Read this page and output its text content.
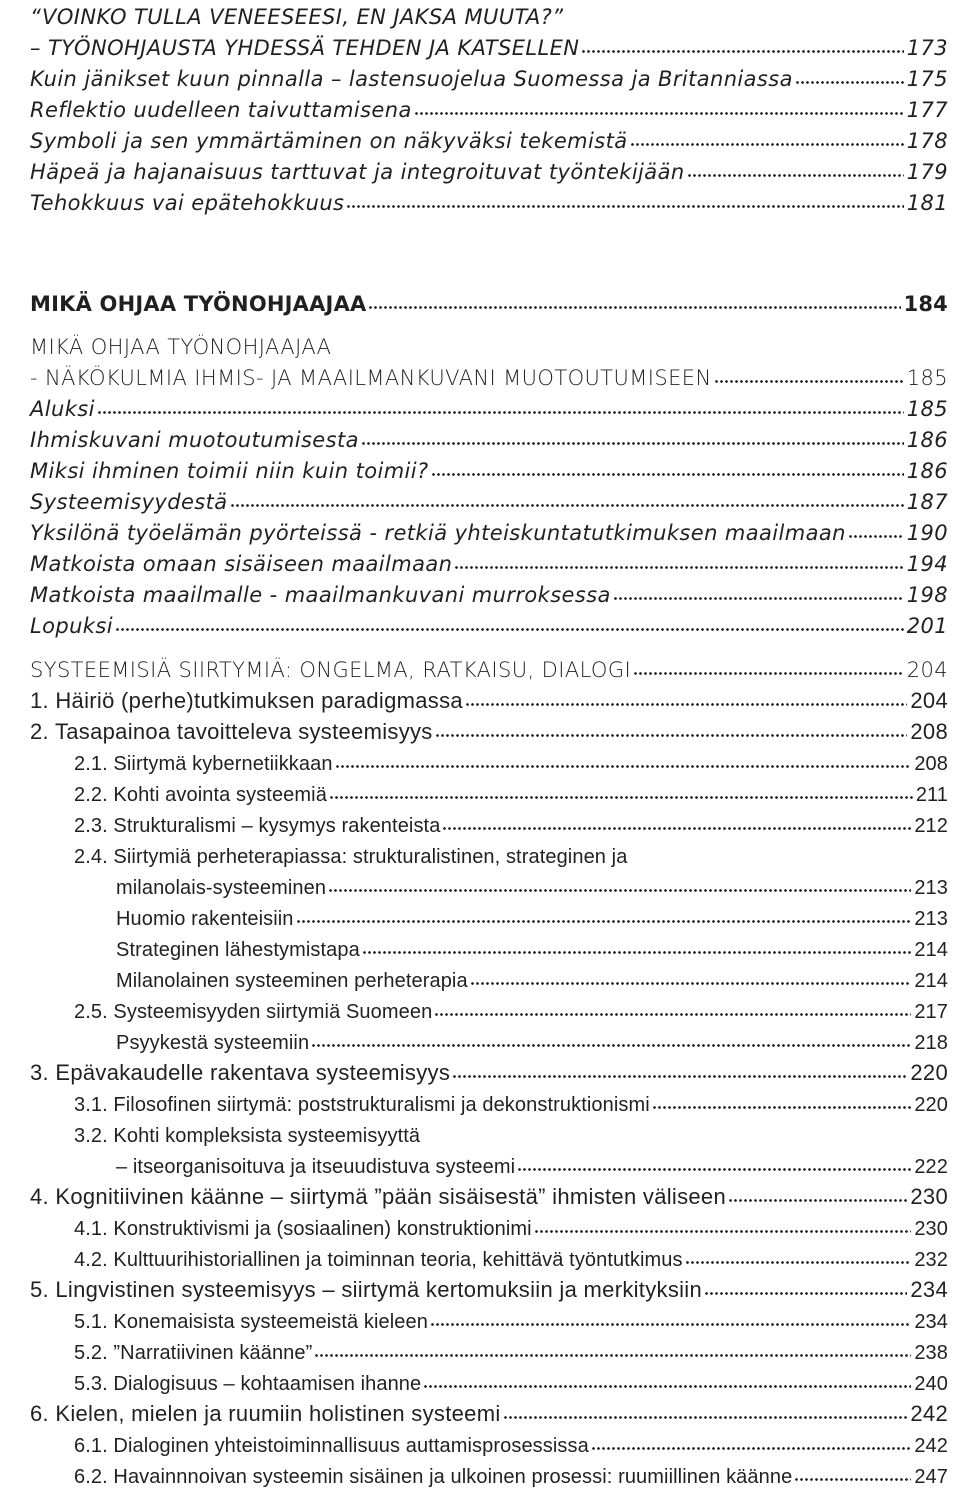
“VOINKO TULLA VENEESEESI, EN JAKSA MUUTA?”
– TYÖNOHJAUSTA YHDESSÄ TEHDEN JA KATSELLEN	173
Kuin jänikset kuun pinnalla – lastensuojelua Suomessa ja Britanniassa	175
Reflektio uudelleen taivuttamisena	177
Symboli ja sen ymmärtäminen on näkyväksi tekemistä	178
Häpeä ja hajanaisuus tarttuvat ja integroituvat työntekijään	179
Tehokkuus vai epätehokkuus	181
MIKÄ OHJAA TYÖNOHJAAJAA	184
MIKÄ OHJAA TYÖNOHJAAJAA
- NÄKÖKULMIA IHMIS- JA MAAILMANKUVANI MUOTOUTUMISEEN	185
Aluksi	185
Ihmiskuvani muotoutumisesta	186
Miksi ihminen toimii niin kuin toimii?	186
Systeemisyydestä	187
Yksilönä työelämän pyörteissä - retkiä yhteiskuntatutkimuksen maailmaan	190
Matkoista omaan sisäiseen maailmaan	194
Matkoista maailmalle - maailmankuvani murroksessa	198
Lopuksi	201
SYSTEEMISIÄ SIIRTYMIÄ: ONGELMA, RATKAISU, DIALOGI	204
1. Häiriö (perhe)tutkimuksen paradigmassa	204
2. Tasapainoa tavoitteleva systeemisyys	208
2.1. Siirtymä kybernetiikkaan	208
2.2. Kohti avointa systeemiä	211
2.3. Strukturalismi – kysymys rakenteista	212
2.4. Siirtymiä perheterapiassa: strukturalistinen, strateginen ja
milanolais-systeeminen	213
Huomio rakenteisiin	213
Strateginen lähestymistapa	214
Milanolainen systeeminen perheterapia	214
2.5. Systeemisyyden siirtymiä Suomeen	217
Psyykestä systeemiin	218
3. Epävakaudelle rakentava systeemisyys	220
3.1. Filosofinen siirtymä: poststrukturalismi ja dekonstruktionismi	220
3.2. Kohti kompleksista systeemisyyttä
– itseorganisoituva ja itseuudistuva systeemi	222
4. Kognitiivinen käänne – siirtymä ”pään sisäisestä” ihmisten väliseen	230
4.1. Konstruktivismi ja (sosiaalinen) konstruktionimi	230
4.2. Kulttuurihistoriallinen ja toiminnan teoria, kehittävä työntutkimus	232
5. Lingvistinen systeemisyys – siirtymä kertomuksiin ja merkityksiin	234
5.1. Konemaisista systeemeistä kieleen	234
5.2. ”Narratiivinen käänne”	238
5.3. Dialogisuus – kohtaamisen ihanne	240
6. Kielen, mielen ja ruumiin holistinen systeemi	242
6.1. Dialoginen yhteistoiminnallisuus auttamisprosessissa	242
6.2. Havainnnoivan systeemin sisäinen ja ulkoinen prosessi: ruumiillinen käänne	247
